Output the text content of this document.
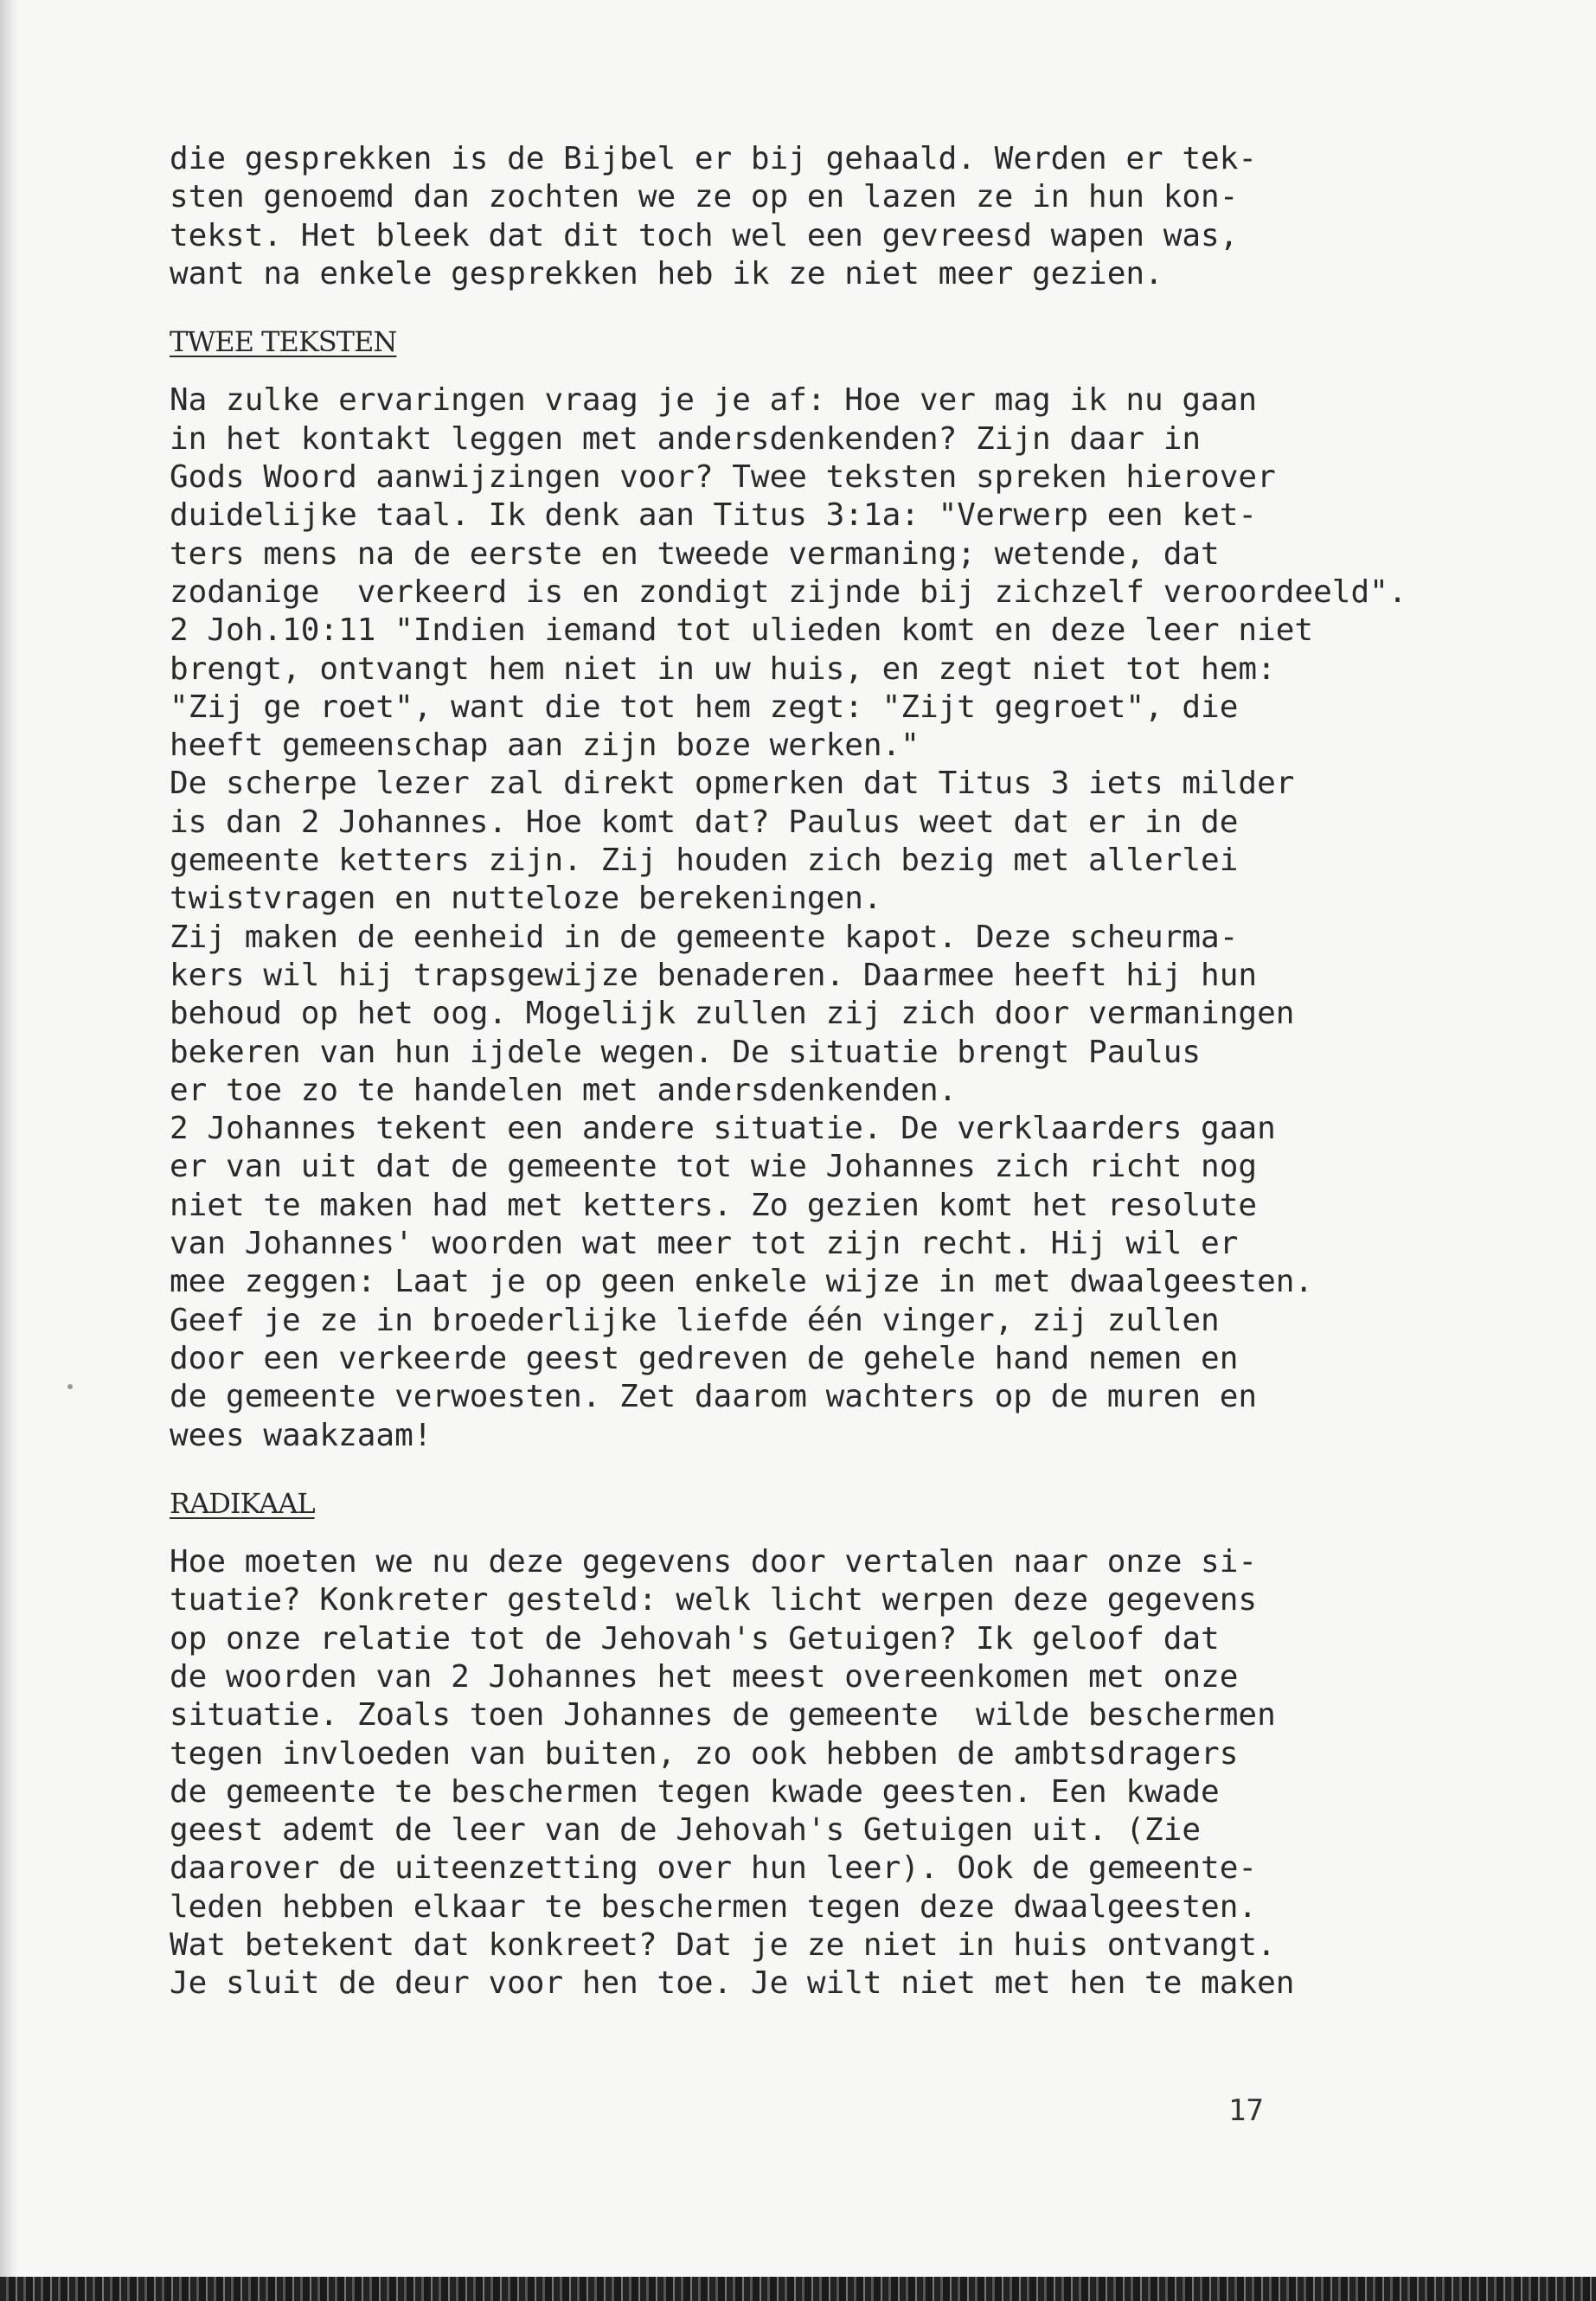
die gesprekken is de Bijbel er bij gehaald. Werden er tek-
sten genoemd dan zochten we ze op en lazen ze in hun kon-
tekst. Het bleek dat dit toch wel een gevreesd wapen was,
want na enkele gesprekken heb ik ze niet meer gezien.
TWEE TEKSTEN
Na zulke ervaringen vraag je je af: Hoe ver mag ik nu gaan
in het kontakt leggen met andersdenkenden? Zijn daar in
Gods Woord aanwijzingen voor? Twee teksten spreken hierover
duidelijke taal. Ik denk aan Titus 3:1a: "Verwerp een ket-
ters mens na de eerste en tweede vermaning; wetende, dat
zodanige  verkeerd is en zondigt zijnde bij zichzelf veroordeeld".
2 Joh.10:11 "Indien iemand tot ulieden komt en deze leer niet
brengt, ontvangt hem niet in uw huis, en zegt niet tot hem:
"Zij ge roet", want die tot hem zegt: "Zijt gegroet", die
heeft gemeenschap aan zijn boze werken."
De scherpe lezer zal direkt opmerken dat Titus 3 iets milder
is dan 2 Johannes. Hoe komt dat? Paulus weet dat er in de
gemeente ketters zijn. Zij houden zich bezig met allerlei
twistvragen en nutteloze berekeningen.
Zij maken de eenheid in de gemeente kapot. Deze scheurma-
kers wil hij trapsgewijze benaderen. Daarmee heeft hij hun
behoud op het oog. Mogelijk zullen zij zich door vermaningen
bekeren van hun ijdele wegen. De situatie brengt Paulus
er toe zo te handelen met andersdenkenden.
2 Johannes tekent een andere situatie. De verklaarders gaan
er van uit dat de gemeente tot wie Johannes zich richt nog
niet te maken had met ketters. Zo gezien komt het resolute
van Johannes' woorden wat meer tot zijn recht. Hij wil er
mee zeggen: Laat je op geen enkele wijze in met dwaalgeesten.
Geef je ze in broederlijke liefde één vinger, zij zullen
door een verkeerde geest gedreven de gehele hand nemen en
de gemeente verwoesten. Zet daarom wachters op de muren en
wees waakzaam!
RADIKAAL
Hoe moeten we nu deze gegevens door vertalen naar onze si-
tuatie? Konkreter gesteld: welk licht werpen deze gegevens
op onze relatie tot de Jehovah's Getuigen? Ik geloof dat
de woorden van 2 Johannes het meest overeenkomen met onze
situatie. Zoals toen Johannes de gemeente  wilde beschermen
tegen invloeden van buiten, zo ook hebben de ambtsdragers
de gemeente te beschermen tegen kwade geesten. Een kwade
geest ademt de leer van de Jehovah's Getuigen uit. (Zie
daarover de uiteenzetting over hun leer). Ook de gemeente-
leden hebben elkaar te beschermen tegen deze dwaalgeesten.
Wat betekent dat konkreet? Dat je ze niet in huis ontvangt.
Je sluit de deur voor hen toe. Je wilt niet met hen te maken
17
